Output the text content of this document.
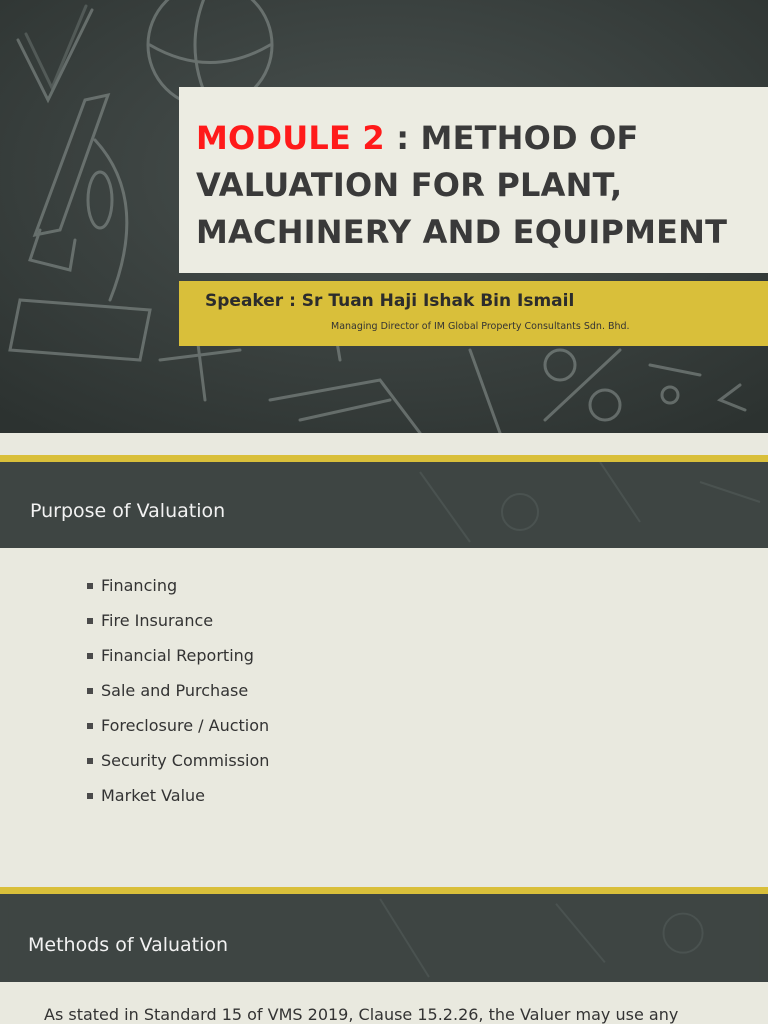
MODULE 2 : METHOD OF
VALUATION FOR PLANT,
MACHINERY AND EQUIPMENT
Speaker : Sr Tuan Haji Ishak Bin Ismail
Managing Director of IM Global Property Consultants Sdn. Bhd.
Purpose of Valuation
Financing
Fire Insurance
Financial Reporting
Sale and Purchase
Foreclosure / Auction
Security Commission
Market Value
Methods of Valuation
As stated in Standard 15 of VMS 2019, Clause 15.2.26, the Valuer may use any
